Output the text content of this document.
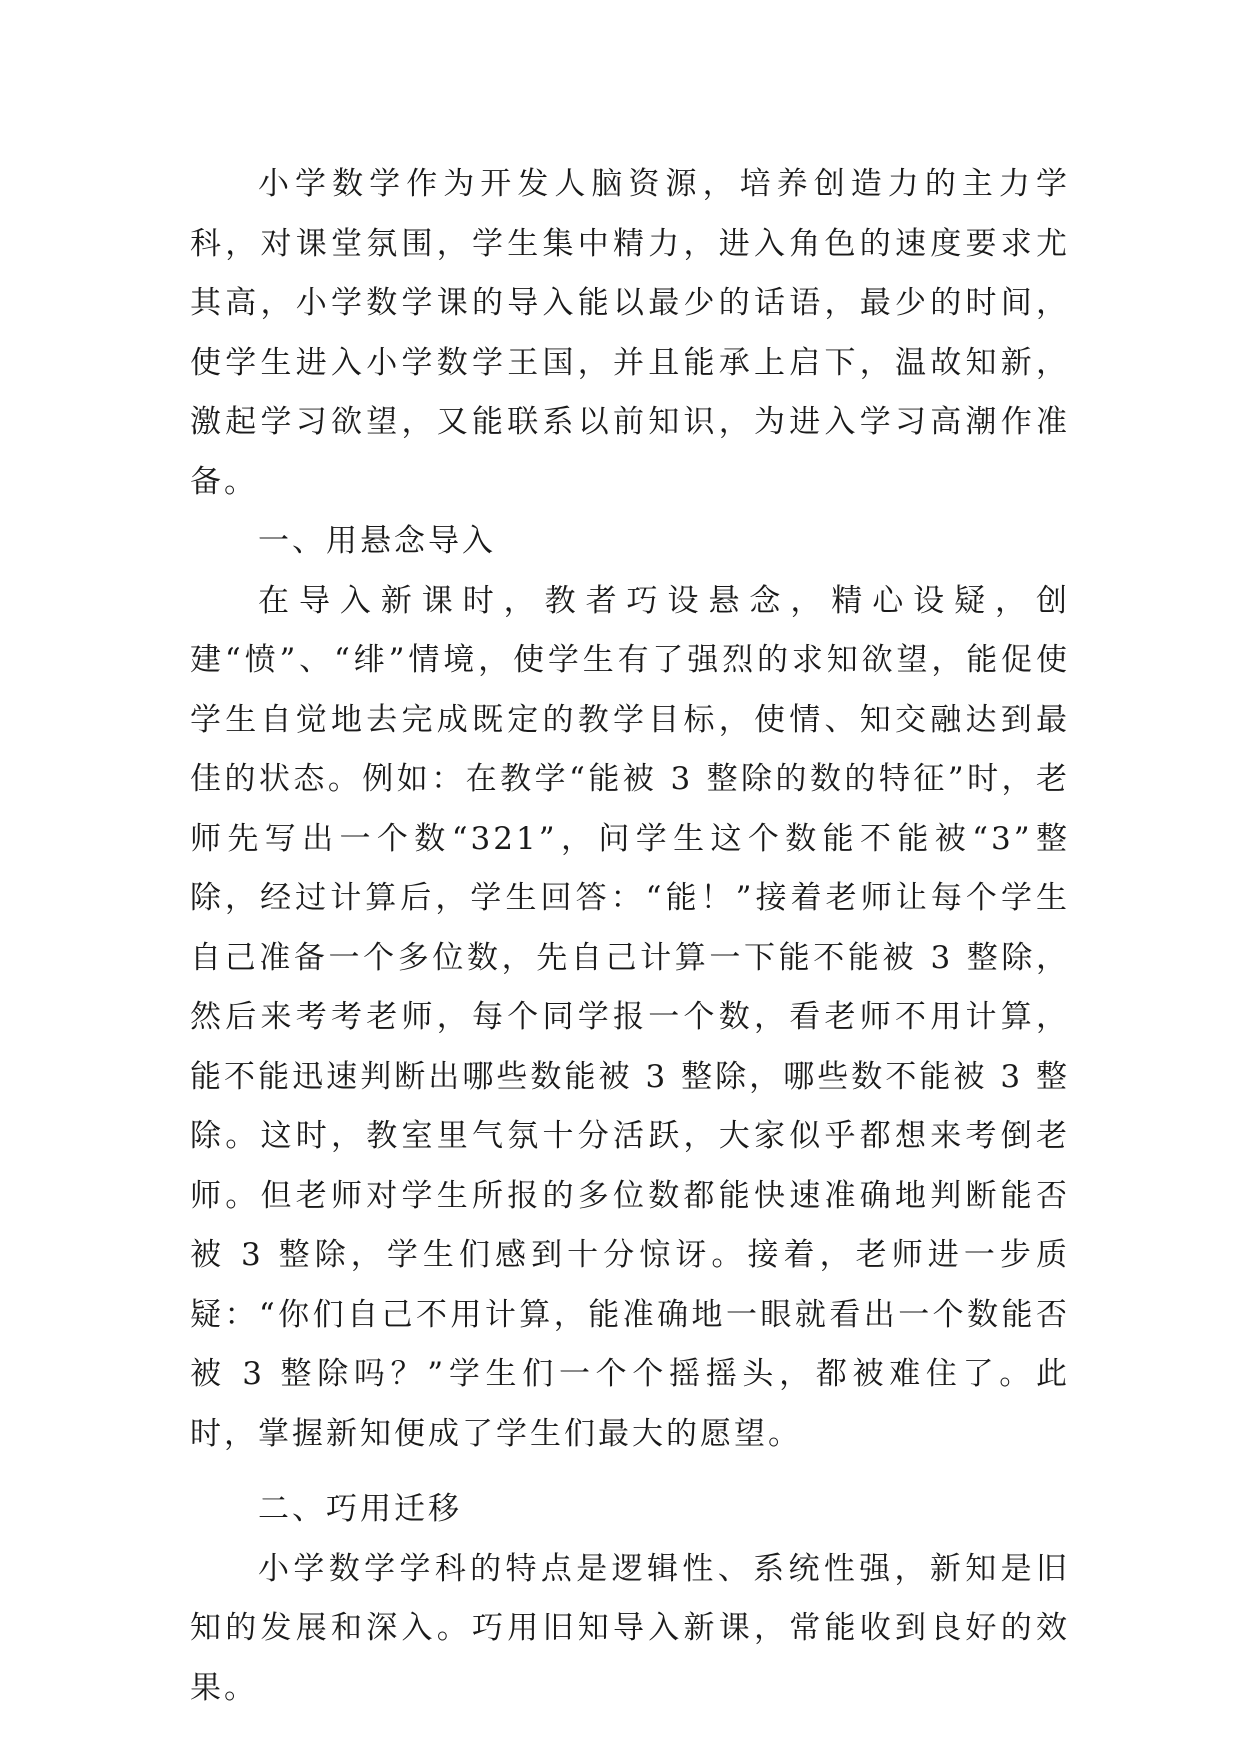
小学数学作为开发人脑资源，培养创造力的主力学科，对课堂氛围，学生集中精力，进入角色的速度要求尤其高，小学数学课的导入能以最少的话语，最少的时间，使学生进入小学数学王国，并且能承上启下，温故知新，激起学习欲望，又能联系以前知识，为进入学习高潮作准备。

一、用悬念导入

在导入新课时，教者巧设悬念，精心设疑，创建“愤”、“绯”情境，使学生有了强烈的求知欲望，能促使学生自觉地去完成既定的教学目标，使情、知交融达到最佳的状态。例如：在教学“能被 3 整除的数的特征”时，老师先写出一个数“321”，问学生这个数能不能被“3”整除，经过计算后，学生回答：“能！”接着老师让每个学生自己准备一个多位数，先自己计算一下能不能被 3 整除，然后来考考老师，每个同学报一个数，看老师不用计算，能不能迅速判断出哪些数能被 3 整除，哪些数不能被 3 整除。这时，教室里气氛十分活跃，大家似乎都想来考倒老师。但老师对学生所报的多位数都能快速准确地判断能否被 3 整除，学生们感到十分惊讶。接着，老师进一步质疑：“你们自己不用计算，能准确地一眼就看出一个数能否被 3 整除吗？”学生们一个个摇摇头，都被难住了。此时，掌握新知便成了学生们最大的愿望。

二、巧用迁移

小学数学学科的特点是逻辑性、系统性强，新知是旧知的发展和深入。巧用旧知导入新课，常能收到良好的效果。
